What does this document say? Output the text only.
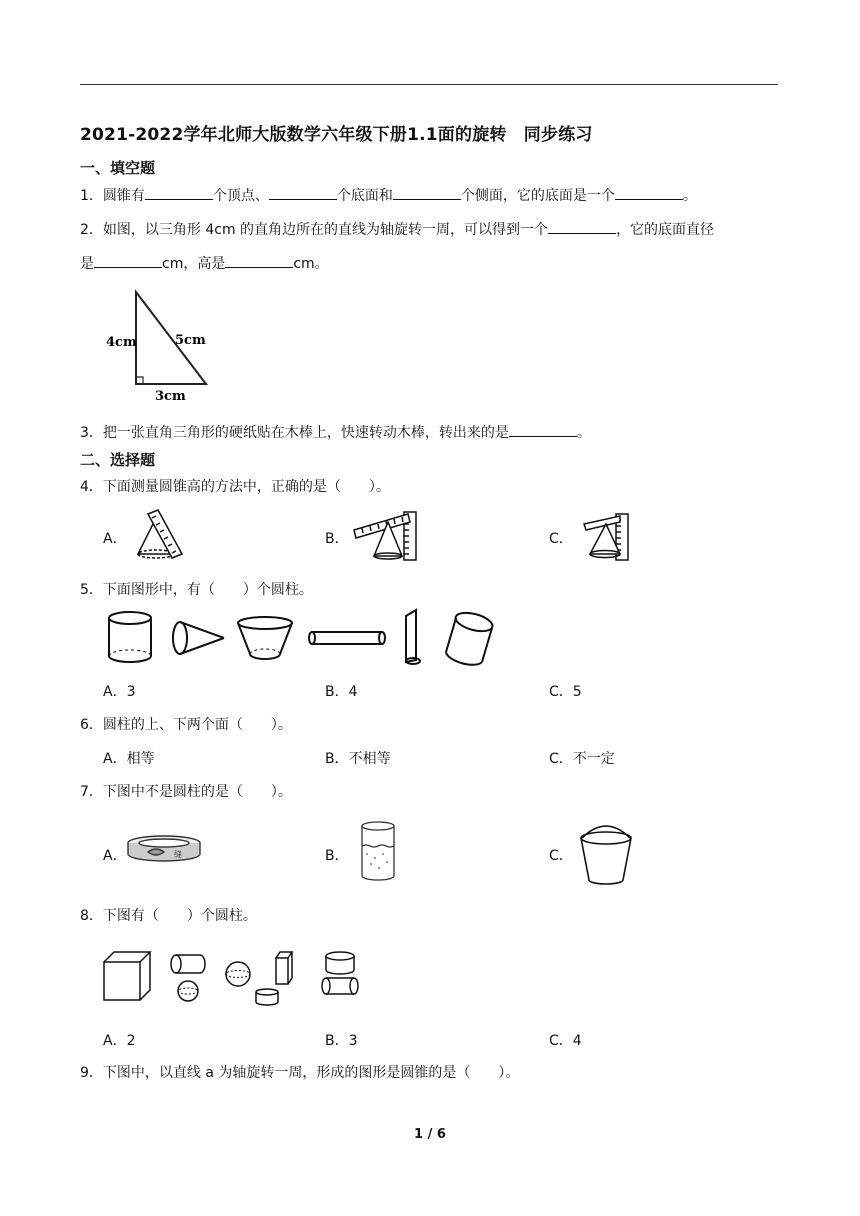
2021-2022学年北师大版数学六年级下册1.1面的旋转　同步练习
一、填空题
1．圆锥有	个顶点、	个底面和	个侧面，它的底面是一个	。
2．如图，以三角形 4cm 的直角边所在的直线为轴旋转一周，可以得到一个	，它的底面直径
是	cm，高是	cm。
4cm	5cm
3cm
3．把一张直角三角形的硬纸贴在木棒上，快速转动木棒，转出来的是	。
二、选择题
4．下面测量圆锥高的方法中，正确的是（　　）。
A．	B．	C．
5．下面图形中，有（　　）个圆柱。
A．3	B．4	C．5
6．圆柱的上、下两个面（　　）。
A．相等	B．不相等	C．不一定
7．下图中不是圆柱的是（　　）。
A．	B．	C．
缝
8．下图有（　　）个圆柱。
A．2	B．3	C．4
9．下图中，以直线 a 为轴旋转一周，形成的图形是圆锥的是（　　）。
1 / 6
